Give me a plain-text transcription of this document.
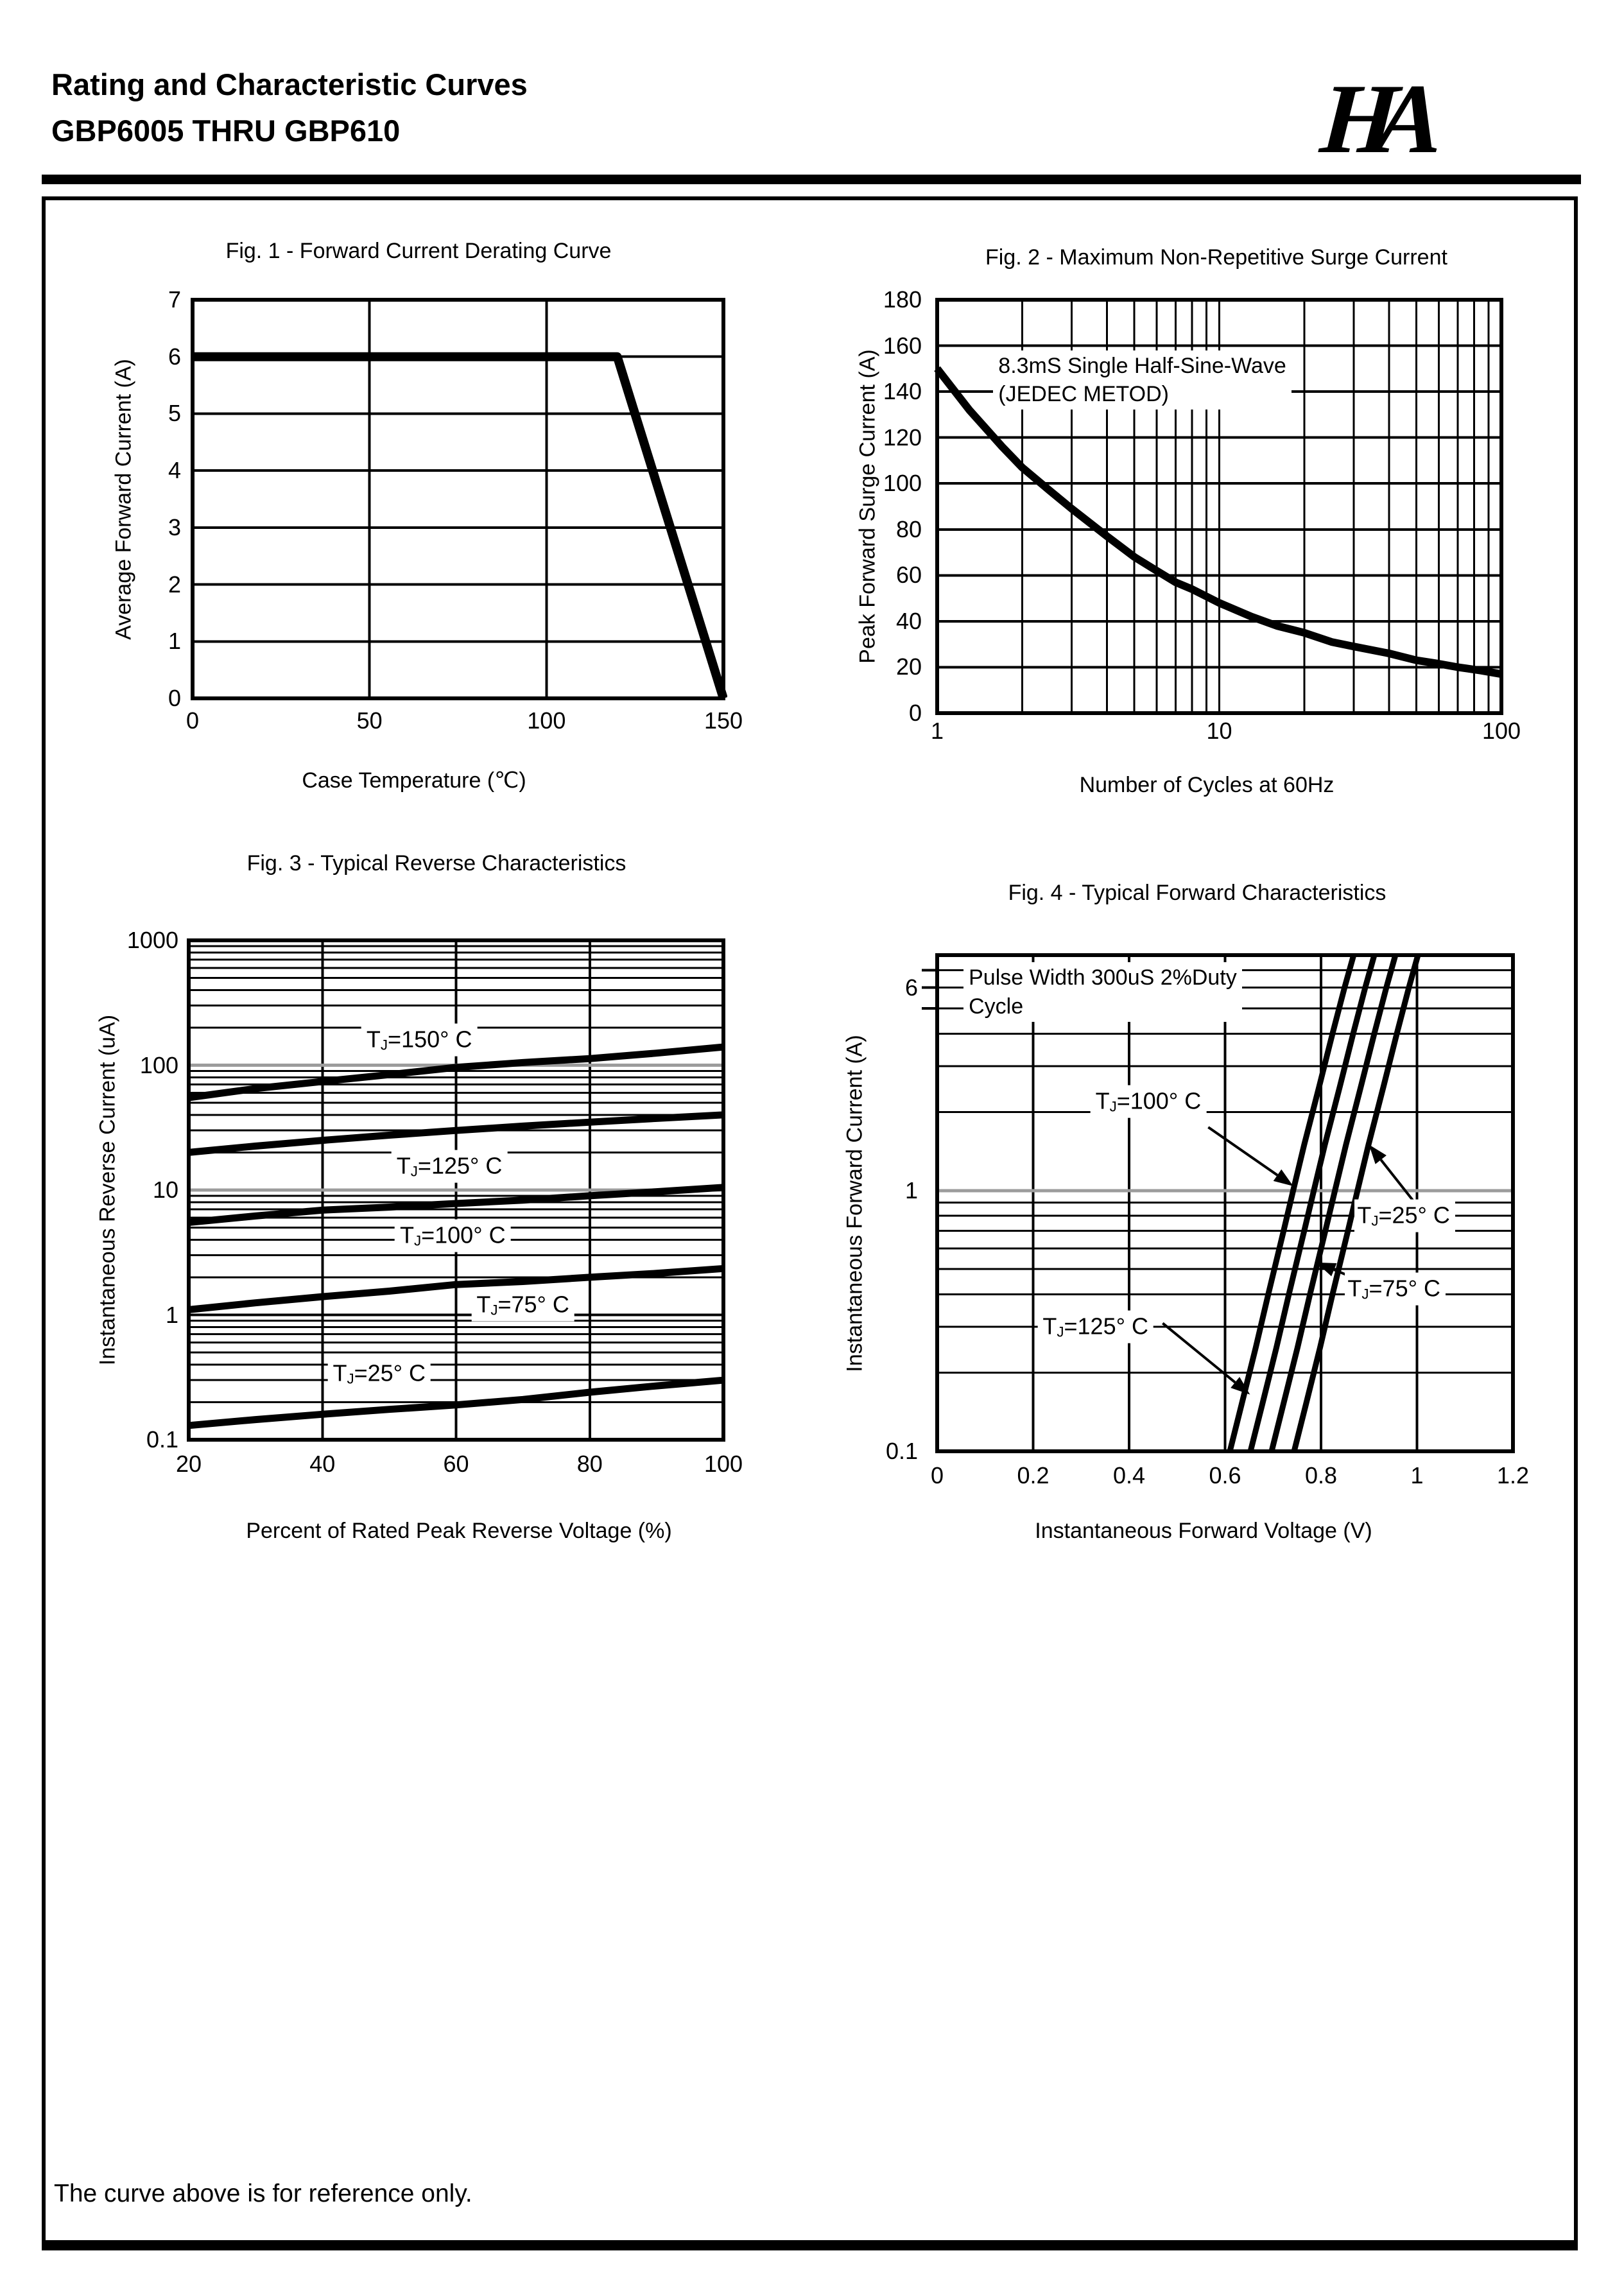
Rating and Characteristic Curves
GBP6005 THRU GBP610	HA
Fig. 1 - Forward Current Derating Curve
Case Temperature (℃)
Average Forward Current (A)
0	50	100	150
0
1
2
3
4
5
6
7
Fig. 2 - Maximum Non-Repetitive Surge Current
Number of Cycles at 60Hz
Peak Forward Surge Current (A)
1	10	100
0
20
40
60
80
100
120
140
160
180
8.3mS Single Half-Sine-Wave
(JEDEC METOD)
Fig. 3 - Typical Reverse Characteristics
Percent of Rated Peak Reverse Voltage (%)
Instantaneous Reverse Current (uA)
20	40	60	80	100
1000
100
10
1
0.1
TJ=150° C
TJ=125° C
TJ=100° C
TJ=75° C
TJ=25° C
Fig. 4 - Typical Forward Characteristics
Instantaneous Forward Voltage (V)
Instantaneous Forward Current (A)
0	0.2	0.4	0.6	0.8	1	1.2
6
1
0.1
Pulse Width 300uS 2%Duty
Cycle
TJ=100° C
TJ=25° C
TJ=125° C
TJ=75° C
The curve above is for reference only.
